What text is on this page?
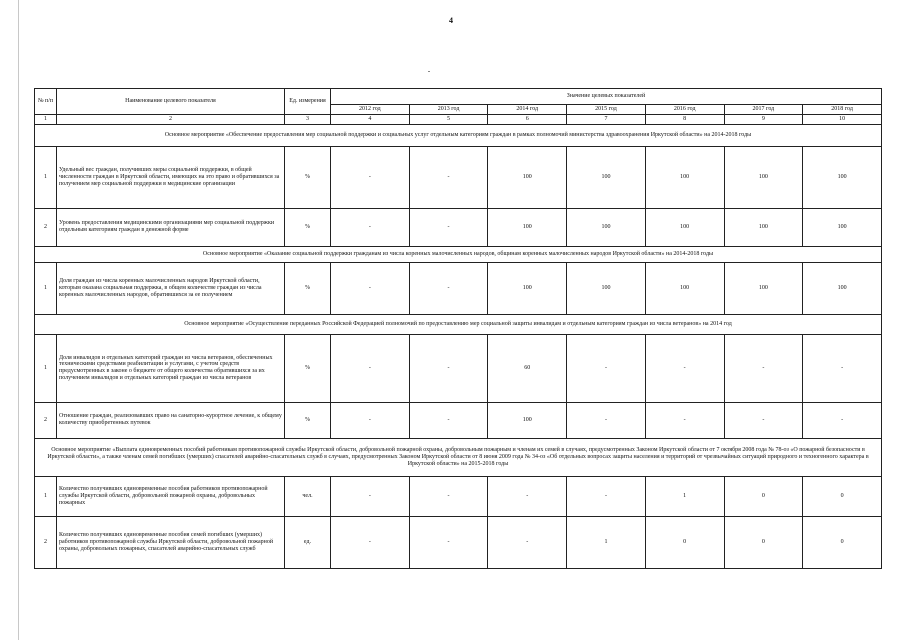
4
№ п/п	Наименование целевого показателя	Ед. измерения	Значение целевых показателей						
			2012 год	2013 год	2014 год	2015 год	2016 год	2017 год	2018 год
1	2	3	4	5	6	7	8	9	10
Основное мероприятие «Обеспечение предоставления мер социальной поддержки и социальных услуг отдельным категориям граждан в рамках полномочий министерства здравоохранения Иркутской области» на 2014-2018 годы									
1	Удельный вес граждан, получивших меры социальной поддержки, в общей численности граждан в Иркутской области, имеющих на это право и обратившихся за получением мер социальной поддержки в медицинские организации	%	-	-	100	100	100	100	100
2	Уровень предоставления медицинскими организациями мер социальной поддержки отдельным категориям граждан в денежной форме	%	-	-	100	100	100	100	100
Основное мероприятие «Оказание социальной поддержки гражданам из числа коренных малочисленных народов, общинам коренных малочисленных народов Иркутской области» на 2014-2018 годы									
1	Доля граждан из числа коренных малочисленных народов Иркутской области, которым оказана социальная поддержка, в общем количестве граждан из числа коренных малочисленных народов, обратившихся за ее получением	%	-	-	100	100	100	100	100
Основное мероприятие «Осуществление переданных Российской Федерацией полномочий по предоставлению мер социальной защиты инвалидам и отдельным категориям граждан из числа ветеранов» на 2014 год									
1	Доля инвалидов и отдельных категорий граждан из числа ветеранов, обеспеченных техническими средствами реабилитации и услугами, с учетом средств предусмотренных в законе о бюджете от общего количества обратившихся за их получением инвалидов и отдельных категорий граждан из числа ветеранов	%	-	-	60	-	-	-	-
2	Отношение граждан, реализовавших право на санаторно-курортное лечение, к общему количеству приобретенных путевок	%	-	-	100	-	-	-	-
Основное мероприятие «Выплата единовременных пособий работникам противопожарной службы Иркутской области, добровольной пожарной охраны, добровольным пожарным и членам их семей в случаях, предусмотренных Законом Иркутской области от 7 октября 2008 года № 78-оз «О пожарной безопасности в Иркутской области», а также членам семей погибших (умерших) спасателей аварийно-спасательных служб в случаях, предусмотренных Законом Иркутской области от 8 июня 2009 года № 34-оз «Об отдельных вопросах защиты населения и территорий от чрезвычайных ситуаций природного и техногенного характера в Иркутской области» на 2015-2018 годы									
1	Количество получивших единовременные пособия работников противопожарной службы Иркутской области, добровольной пожарной охраны, добровольных пожарных	чел.	-	-	-	-	1	0	0
2	Количество получивших единовременные пособия семей погибших (умерших) работников противопожарной службы Иркутской области, добровольной пожарной охраны, добровольных пожарных, спасателей аварийно-спасательных служб	ед.	-	-	-	1	0	0	0
